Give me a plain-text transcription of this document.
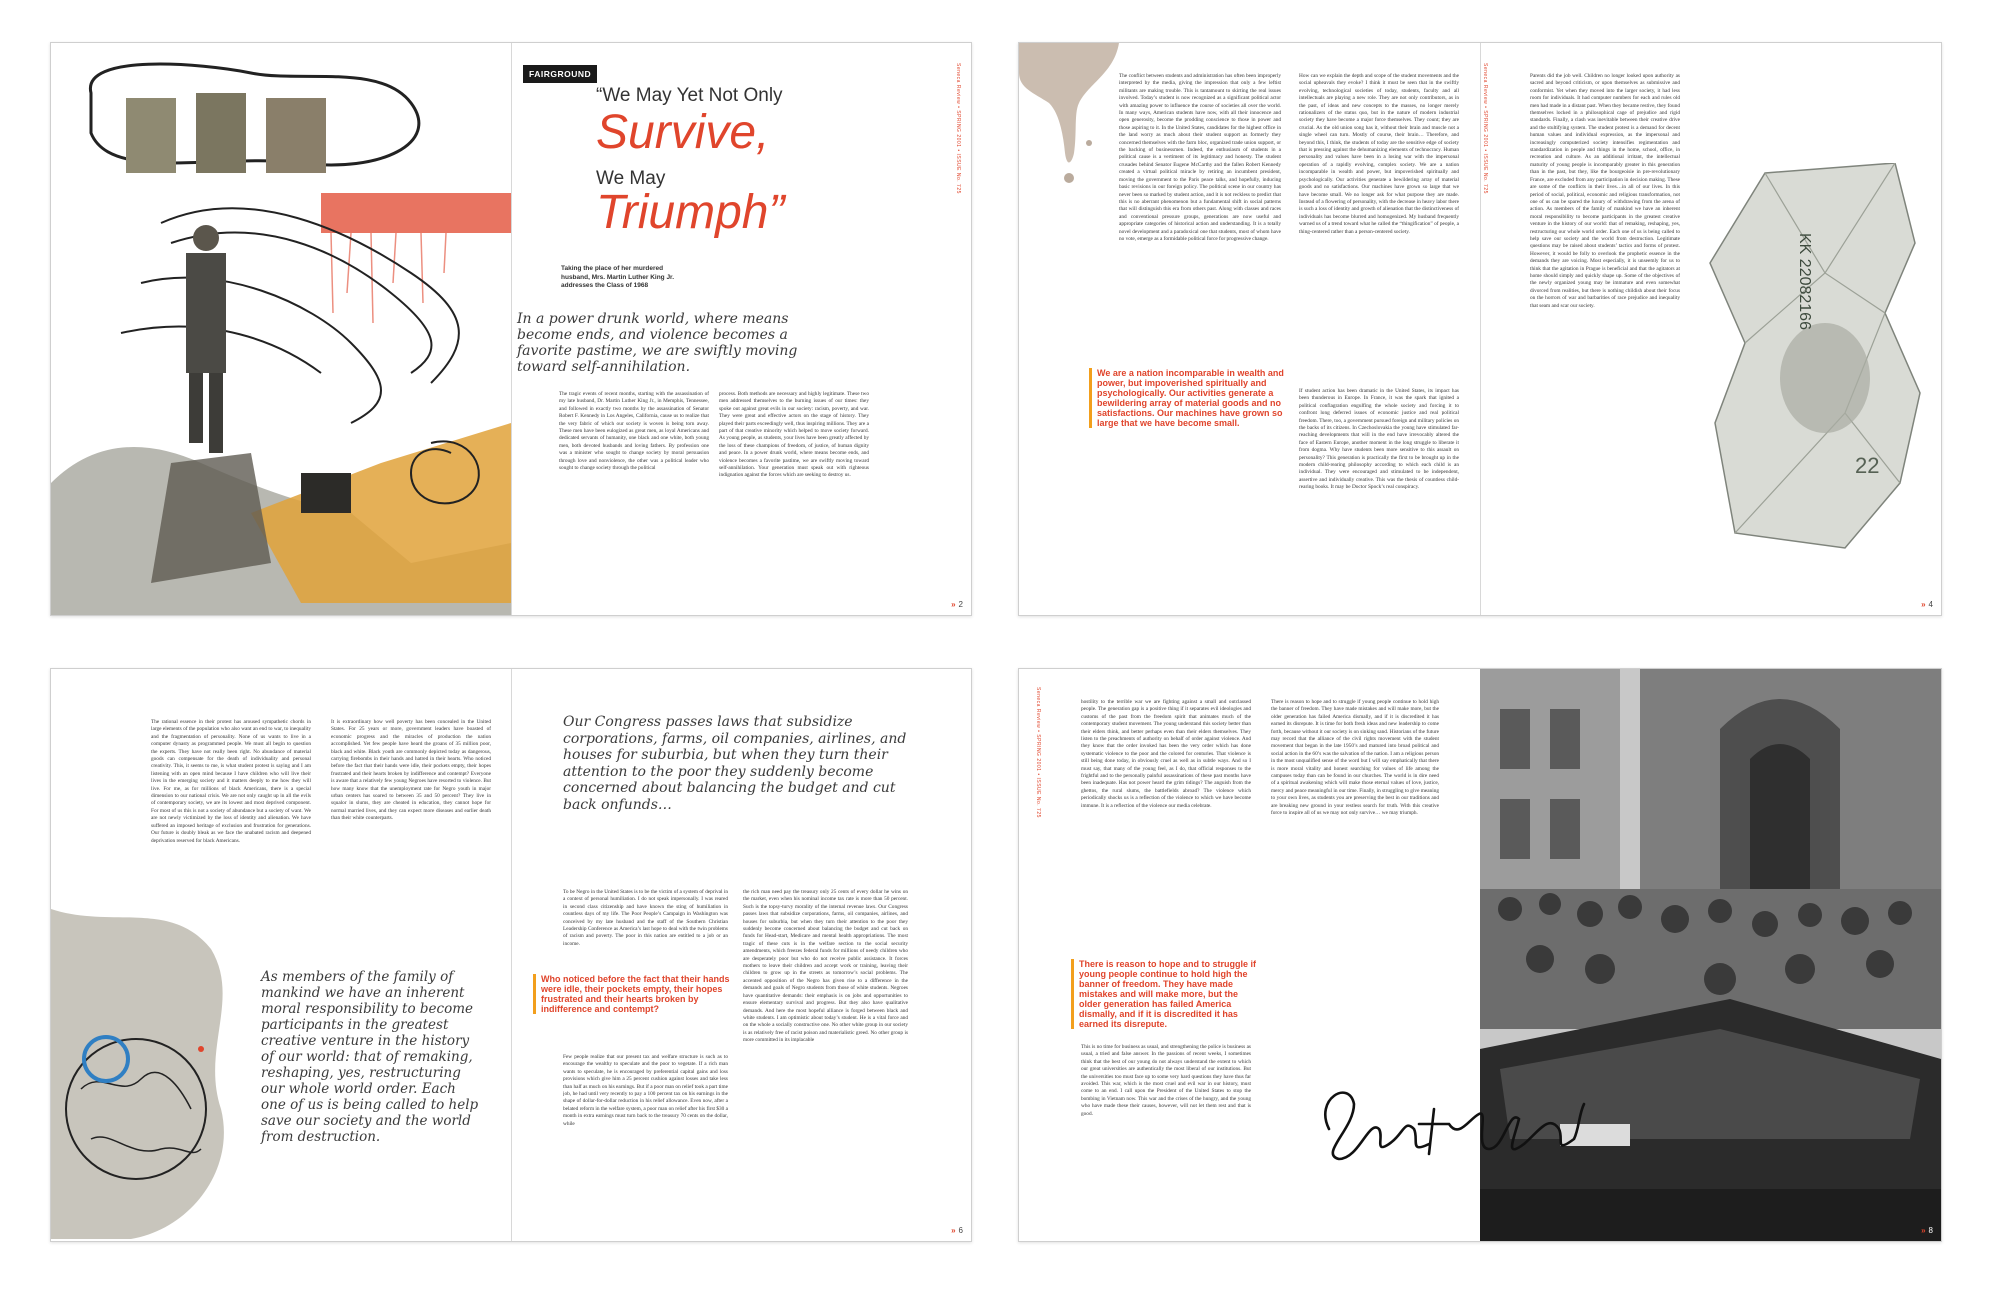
FAIRGROUND
“We May Yet Not Only
Survive,
We May
Triumph”
Taking the place of her murdered husband, Mrs. Martin Luther King Jr. addresses the Class of 1968
In a power drunk world, where means become ends, and violence becomes a favorite pastime, we are swiftly moving toward self-annihilation.
The tragic events of recent months, starting with the assassination of my late husband, Dr. Martin Luther King Jr., in Memphis, Tennessee, and followed in exactly two months by the assassination of Senator Robert F. Kennedy in Los Angeles, California, cause us to realize that the very fabric of which our society is woven is being torn away. These men have been eulogized as great men, as loyal Americans and dedicated servants of humanity, one black and one white, both young men, both devoted husbands and loving fathers. By profession one was a minister who sought to change society by moral persuasion through love and nonviolence, the other was a political leader who sought to change society through the political
process. Both methods are necessary and highly legitimate. These two men addressed themselves to the burning issues of our times: they spoke out against great evils in our society: racism, poverty, and war. They were great and effective actors on the stage of history. They played their parts exceedingly well, thus inspiring millions. They are a part of that creative minority which helped to move society forward. As young people, as students, your lives have been greatly affected by the loss of these champions of freedom, of justice, of human dignity and peace. In a power drunk world, where means become ends, and violence becomes a favorite pastime, we are swiftly moving toward self-annihilation. Your generation must speak out with righteous indignation against the forces which are seeking to destroy us.
Seneca Review • SPRING 2001 • ISSUE No. 725
» 2
The conflict between students and administration has often been improperly interpreted by the media, giving the impression that only a few leftist militants are making trouble. This is tantamount to skirting the real issues involved. Today’s student is now recognized as a significant political actor with amazing power to influence the course of societies all over the world. In many ways, American students have now, with all their innocence and open generosity, become the prodding conscience to those in power and those aspiring to it. In the United States, candidates for the highest office in the land worry as much about their student support as formerly they concerned themselves with the farm bloc, organized trade union support, or the backing of businessmen. Indeed, the enthusiasm of students in a political cause is a vertiment of its legitimacy and honesty. The student crusades behind Senator Eugene McCarthy and the fallen Robert Kennedy created a virtual political miracle by retiring an incumbent president, moving the government to the Paris peace talks, and hopefully, inducing basic revisions in our foreign policy. The political scene in our country has never been so marked by student action, and it is not reckless to predict that this is no aberrant phenomenon but a fundamental shift in social patterns that will distinguish this era from others past. Along with classes and races and conventional pressure groups, generations are now useful and appropriate categories of historical action and understanding. It is a totally novel development and a paradoxical one that students, most of whom have no vote, emerge as a formidable political force for progressive change.
We are a nation incomparable in wealth and power, but impoverished spiritually and psychologically. Our activities generate a bewildering array of material goods and no satisfactions. Our machines have grown so large that we have become small.
How can we explain the depth and scope of the student movements and the social upheavals they evoke? I think it must be seen that in the swiftly evolving, technological societies of today, students, faculty and all intellectuals are playing a new role. They are not only contributors, as in the past, of ideas and new concepts to the masses, no longer merely rationalizers of the status quo, but in the nature of modern industrial society they have become a major force themselves. They count; they are crucial. As the old union song has it, without their brain and muscle not a single wheel can turn. Mostly of course, their brain… Therefore, and beyond this, I think, the students of today are the sensitive edge of society that is pressing against the dehumanizing elements of technocracy. Human personality and values have been in a losing war with the impersonal operation of a rapidly evolving, complex society. We are a nation incomparable in wealth and power, but impoverished spiritually and psychologically. Our activities generate a bewildering array of material goods and no satisfactions. Our machines have grown so large that we have become small. We no longer ask for what purpose they are made. Instead of a flowering of personality, with the decrease in heavy labor there is such a loss of identity and growth of alienation that the distinctiveness of individuals has become blurred and homogenized. My husband frequently warned us of a trend toward what he called the “thingification” of people, a thing-centered rather than a person-centered society.
If student action has been dramatic in the United States, its impact has been thunderous in Europe. In France, it was the spark that ignited a political conflagration engulfing the whole society and forcing it to confront long deferred issues of economic justice and real political freedom. There, too, a government pursued foreign and military policies on the backs of its citizens. In Czechoslovakia the young have stimulated far-reaching developments that will in the end have irrevocably altered the face of Eastern Europe, another moment in the long struggle to liberate it from dogma. Why have students been more sensitive to this assault on personality? This generation is practically the first to be brought up in the modern child-rearing philosophy according to which each child is an individual. They were encouraged and stimulated to be independent, assertive and individually creative. This was the thesis of countless child-rearing books. It may be Doctor Spock’s real conspiracy.
Seneca Review • SPRING 2001 • ISSUE No. 725	Parents did the job well. Children no longer looked upon authority as sacred and beyond criticism, or upon themselves as submissive and conformist. Yet when they moved into the larger society, it had less room for individuals. It had computer numbers for each and rules old men had made in a distant past. When they became restive, they found themselves locked in a philosophical cage of prejudice and rigid standards. Finally, a clash was inevitable between their creative drive and the stultifying system. The student protest is a demand for decent human values and individual expression, as the impersonal and increasingly computerized society intensifies regimentation and standardization in people and things in the home, school, office, in recreation and culture. As an additional irritant, the intellectual maturity of young people is incomparably greater in this generation than in the past, but they, like the bourgeoisie in pre-revolutionary France, are excluded from any participation in decision making. These are some of the conflicts in their lives…in all of our lives. In this period of social, political, economic and religious transformation, not one of us can be spared the luxury of withdrawing from the arena of action. As members of the family of mankind we have an inherent moral responsibility to become participants in the greatest creative venture in the history of our world: that of remaking, reshaping, yes, restructuring our whole world order. Each one of us is being called to help save our society and the world from destruction. Legitimate questions may be raised about students’ tactics and forms of protest. However, it would be folly to overlook the prophetic essence in the demands they are voicing. Most especially, it is unseemly for us to think that the agitation in Prague is beneficial and that the agitators at home should simply and quickly shape up. Some of the objectives of the newly organized young may be immature and even somewhat divorced from realities, but there is nothing childish about their focus on the horrors of war and barbarities of race prejudice and inequality that seam and scar our society.	KK 22082166
22
» 4
The rational essence in their protest has aroused sympathetic chords in large elements of the population who also want an end to war, to inequality and the fragmentation of personality. None of us wants to live in a computer dynasty as programmed people. We must all begin to question the experts. They have not really been right. No abundance of material goods can compensate for the death of individuality and personal creativity. This, it seems to me, is what student protest is saying and I am listening with an open mind because I have children who will live their lives in the emerging society and it matters deeply to me how they will live. For me, as for millions of black Americans, there is a special dimension to our national crisis. We are not only caught up in all the evils of contemporary society, we are its lowest and most deprived component. For most of us this is not a society of abundance but a society of want. We are not newly victimized by the loss of identity and alienation. We have suffered an imposed heritage of exclusion and frustration for generations. Our future is doubly bleak as we face the unabated racism and deepened deprivation reserved for black Americans.
It is extraordinary how well poverty has been concealed in the United States. For 25 years or more, government leaders have boasted of economic progress and the miracles of production the nation accomplished. Yet few people have heard the groans of 35 million poor, black and white. Black youth are commonly depicted today as dangerous, carrying firebombs in their hands and hatred in their hearts. Who noticed before the fact that their hands were idle, their pockets empty, their hopes frustrated and their hearts broken by indifference and contempt? Everyone is aware that a relatively few young Negroes have resorted to violence. But how many know that the unemployment rate for Negro youth in major urban centers has soared to between 35 and 50 percent? They live in squalor in slums, they are cheated in education, they cannot hope for normal married lives, and they can expect more diseases and earlier death than their white counterparts.
As members of the family of mankind we have an inherent moral responsibility to become participants in the greatest creative venture in the history of our world: that of remaking, reshaping, yes, restructuring our whole world order. Each one of us is being called to help save our society and the world from destruction.
Our Congress passes laws that subsidize corporations, farms, oil companies, airlines, and houses for suburbia, but when they turn their attention to the poor they suddenly become concerned about balancing the budget and cut back onfunds…
To be Negro in the United States is to be the victim of a system of deprival in a context of personal humiliation. I do not speak impersonally. I was reared in second class citizenship and have known the sting of humiliation in countless days of my life. The Poor People’s Campaign in Washington was conceived by my late husband and the staff of the Southern Christian Leadership Conference as America’s last hope to deal with the twin problems of racism and poverty. The poor in this nation are entitled to a job or an income.
Who noticed before the fact that their hands were idle, their pockets empty, their hopes frustrated and their hearts broken by indifference and contempt?
Few people realize that our present tax and welfare structure is such as to encourage the wealthy to speculate and the poor to vegetate. If a rich man wants to speculate, he is encouraged by preferential capital gains and loss provisions which give him a 25 percent cushion against losses and take less than half as much on his earnings. But if a poor man on relief took a part time job, he had until very recently to pay a 100 percent tax on his earnings in the shape of dollar-for-dollar reduction in his relief allowance. Even now, after a belated reform in the welfare system, a poor man on relief after his first $30 a month in extra earnings must turn back to the treasury 70 cents on the dollar, while
the rich man need pay the treasury only 25 cents of every dollar he wins on the market, even when his nominal income tax rate is more than 50 percent. Such is the topsy-turvy morality of the internal revenue laws. Our Congress passes laws that subsidize corporations, farms, oil companies, airlines, and houses for suburbia, but when they turn their attention to the poor they suddenly become concerned about balancing the budget and cut back on funds for Head-start, Medicare and mental health appropriations. The most tragic of these cuts is in the welfare section to the social security amendments, which freezes federal funds for millions of needy children who are desperately poor but who do not receive public assistance. It forces mothers to leave their children and accept work or training, leaving their children to grow up in the streets as tomorrow’s social problems. The accented opposition of the Negro has given rise to a difference in the demands and goals of Negro students from those of white students. Negroes have quantitative demands: their emphasis is on jobs and opportunities to ensure elementary survival and progress. But they also have qualitative demands. And here the most hopeful alliance is forged between black and white students. I am optimistic about today’s student. He is a vital force and on the whole a socially constructive one. No other white group in our society is as relatively free of racist poison and materialistic greed. No other group is more committed in its implacable
» 6
Seneca Review • SPRING 2001 • ISSUE No. 725	hostility to the terrible war we are fighting against a small and outclassed people. The generation gap is a positive thing if it separates evil ideologies and customs of the past from the freedom spirit that animates much of the contemporary student movement. The young understand this society better than their elders think, and better perhaps even than their elders themselves. They listen to the preachments of authority on behalf of order against violence. And they know that the order invoked has been the very order which has done systematic violence to the poor and the colored for centuries. That violence is still being done today, in obviously cruel as well as in subtle ways. And so I must say, that many of the young feel, as I do, that official responses to the frightful and to the personally painful assassinations of these past months have been inadequate. Has not power heard the grim tidings? The anguish from the ghettos, the rural slums, the battlefields abroad? The violence which periodically shocks us is a reflection of the violence to which we have become immune. It is a reflection of the violence our media celebrate.
There is reason to hope and to struggle if young people continue to hold high the banner of freedom. They have made mistakes and will make more, but the older generation has failed America dismally, and if it is discredited it has earned its disrepute.
This is no time for business as usual, and strengthening the police is business as usual, a tried and false answer. In the passions of recent weeks, I sometimes think that the best of our young do not always understand the extent to which our great universities are authentically the most liberal of our institutions. But the universities too must face up to some very hard questions they have thus far avoided. This war, which is the most cruel and evil war in our history, must come to an end. I call upon the President of the United States to stop the bombing in Vietnam now. This war and the crises of the hungry, and the young who have made these their causes, however, will not let them rest and that is good.
There is reason to hope and to struggle if young people continue to hold high the banner of freedom. They have made mistakes and will make more, but the older generation has failed America dismally, and if it is discredited it has earned its disrepute. It is time for both fresh ideas and new leadership to come forth, because without it our society is on sinking sand. Historians of the future may record that the alliance of the civil rights movement with the student movement that began in the late 1950’s and matured into broad political and social action in the 60’s was the salvation of the nation. I am a religious person in the most unqualified sense of the word but I will say emphatically that there is more moral vitality and honest searching for values of life among the campuses today than can be found in our churches. The world is in dire need of a spiritual awakening which will make those eternal values of love, justice, mercy and peace meaningful in our time. Finally, in struggling to give meaning to your own lives, as students you are preserving the best in our traditions and are breaking new ground in your restless search for truth. With this creative force to inspire all of us we may not only survive… we may triumph.
» 8
